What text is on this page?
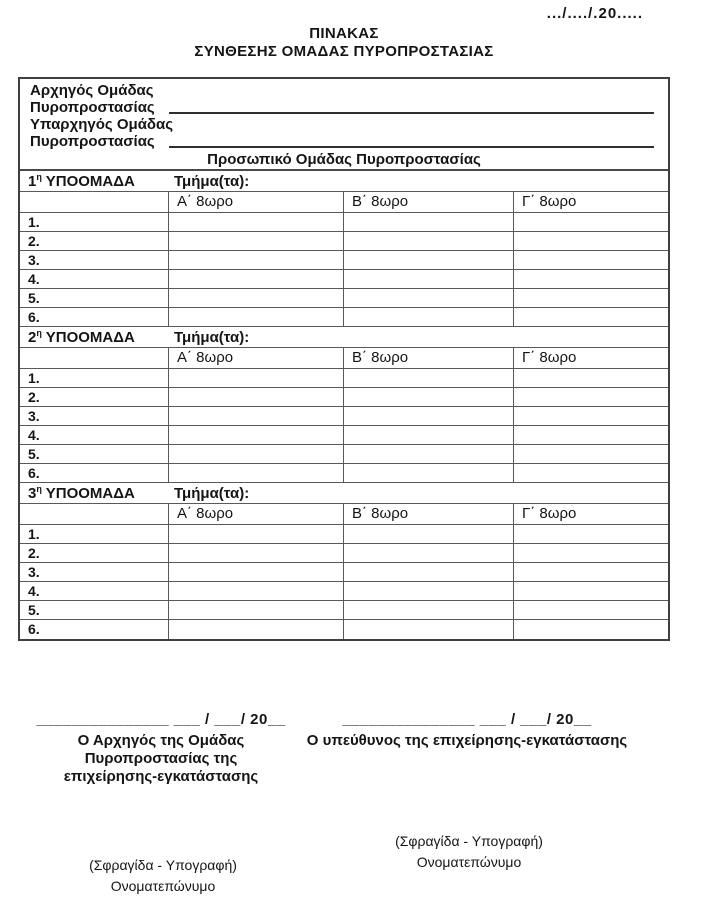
.../..../.20.....
ΠΙΝΑΚΑΣ
ΣΥΝΘΕΣΗΣ ΟΜΑΔΑΣ ΠΥΡΟΠΡΟΣΤΑΣΙΑΣ
Αρχηγός Ομάδας
Πυροπροστασίας
Υπαρχηγός Ομάδας
Πυροπροστασίας
Προσωπικό Ομάδας Πυροπροστασίας
$1^\eta$ ΥΠΟΟΜΑΔΑ	Τμήμα(τα):
Α΄ 8ωρο	Β΄ 8ωρο	Γ΄ 8ωρο
1.
2.
3.
4.
5.
6.
$2^\eta$ ΥΠΟΟΜΑΔΑ	Τμήμα(τα):
Α΄ 8ωρο	Β΄ 8ωρο	Γ΄ 8ωρο
1.
2.
3.
4.
5.
6.
$3^\eta$ ΥΠΟΟΜΑΔΑ	Τμήμα(τα):
Α΄ 8ωρο	Β΄ 8ωρο	Γ΄ 8ωρο
1.
2.
3.
4.
5.
6.
_______________ ___ / ___/ 20__
Ο Αρχηγός της Ομάδας
Πυροπροστασίας της
επιχείρησης-εγκατάστασης
_______________ ___ / ___/ 20__
Ο υπεύθυνος της επιχείρησης-εγκατάστασης
(Σφραγίδα - Υπογραφή)
Ονοματεπώνυμο
(Σφραγίδα - Υπογραφή)
Ονοματεπώνυμο
